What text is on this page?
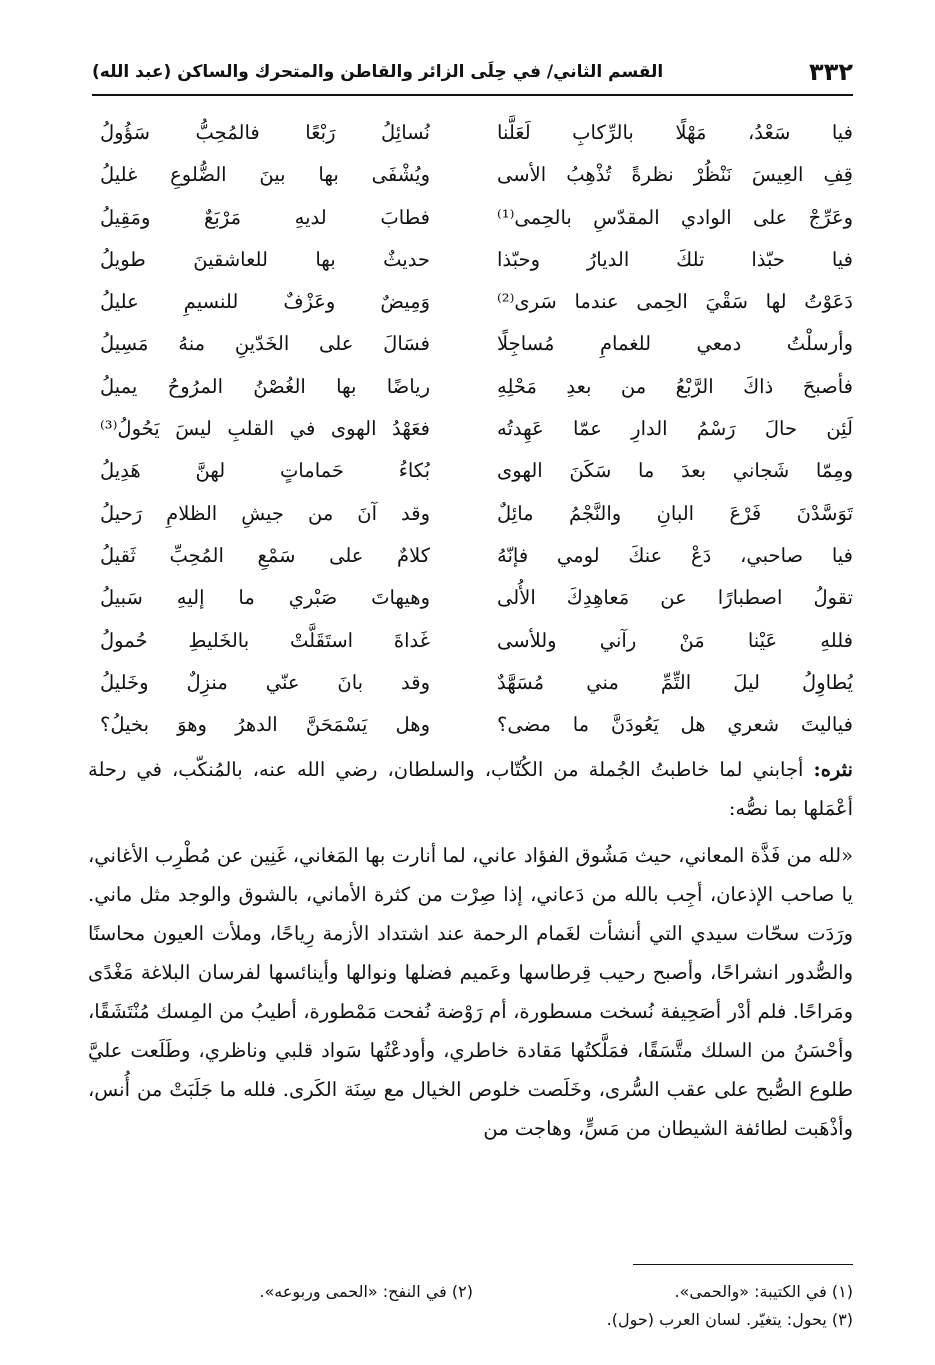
٣٣٢
القسم الثاني/ في حِلَى الزائر والقاطن والمتحرك والساكن (عبد الله)
فيا سَعْدُ، مَهْلًا بالرِّكابِ لَعَلَّنا
نُسائِلُ رَبْعًا فالمُحِبُّ سَؤُولُ
قِفِ العِيسَ نَنْظُرْ نظرةً تُذْهِبُ الأسى
ويُشْفَى بها بينَ الضُّلوعِ غليلُ
وعَرِّجْ على الوادي المقدّسِ بالحِمى⁽¹⁾
فطابَ لديهِ مَرْبَعٌ ومَقِيلُ
فيا حبّذا تلكَ الديارُ وحبّذا
حديثٌ بها للعاشقينَ طويلُ
دَعَوْتُ لها سَقْيَ الحِمى عندما سَرى⁽²⁾
وَمِيضٌ وعَزْفٌ للنسيمِ عليلُ
وأرسلْتُ دمعي للغمامِ مُساجِلًا
فسَالَ على الخَدّينِ منهُ مَسِيلُ
فأصبحَ ذاكَ الرَّبْعُ من بعدِ مَحْلِهِ
رياضًا بها الغُصْنُ المرُوحُ يميلُ
لَئِن حالَ رَسْمُ الدارِ عمّا عَهِدتُه
فعَهْدُ الهوى في القلبِ ليسَ يَحُولُ⁽³⁾
ومِمّا شَجاني بعدَ ما سَكَنَ الهوى
بُكاءُ حَماماتٍ لهنَّ هَدِيلُ
تَوَسَّدْنَ فَرْعَ البانِ والنَّجْمُ مائِلٌ
وقد آنَ من جيشِ الظلامِ رَحيلُ
فيا صاحبي، دَعْ عنكَ لومي فإنّهُ
كلامٌ على سَمْعِ المُحِبِّ ثَقيلُ
تقولُ اصطبارًا عن مَعاهِدِكَ الأُلى
وهيهاتَ صَبْري ما إليهِ سَبيلُ
فللهِ عَيْنا مَنْ رآني وللأسى
غَداةَ استَقَلَّتْ بالخَليطِ حُمولُ
يُطاوِلُ ليلَ التِّمِّ مني مُسَهَّدٌ
وقد بانَ عنّي منزِلٌ وخَليلُ
فياليتَ شعري هل يَعُودَنَّ ما مضى؟
وهل يَسْمَحَنَّ الدهرُ وهوَ بخيلُ؟

نثره: أجابني لما خاطبتُ الجُملة من الكُتّاب، والسلطان، رضي الله عنه، بالمُنكّب، في رحلة أعْمَلها بما نصُّه:

«لله من فَذَّة المعاني، حيث مَشُوق الفؤاد عاني، لما أنارت بها المَغاني، غَنِين عن مُطْرِب الأغاني، يا صاحب الإذعان، أجِب بالله من دَعاني، إذا صِرْت من كثرة الأماني، بالشوق والوجد مثل ماني. ورَدَت سحّات سيدي التي أنشأت لغَمام الرحمة عند اشتداد الأزمة رِياحًا، وملأت العيون محاسنًا والصُّدور انشراحًا، وأصبح رحيب قِرطاسها وعَميم فضلها ونوالها وأينائسها لفرسان البلاغة مَغْدًى ومَراحًا. فلم أدْر أصَحِيفة نُسخت مسطورة، أم رَوْضة نُفحت مَمْطورة، أطيبُ من المِسك مُنْتَشَقًا، وأحْسَنُ من السلك متَّسَقًا، فمَلَّكتُها مَقادة خاطري، وأودعْتُها سَواد قلبي وناظري، وطَلَعت عليَّ طلوع الصُّبح على عقب السُّرى، وخَلَصت خلوص الخيال مع سِنَة الكَرى. فلله ما جَلَبَتْ من أُنس، وأذْهَبت لطائفة الشيطان من مَسٍّ، وهاجت من

(١) في الكتيبة: «والحمى».
(٢) في النفح: «الحمى وربوعه».
(٣) يحول: يتغيّر. لسان العرب (حول).
